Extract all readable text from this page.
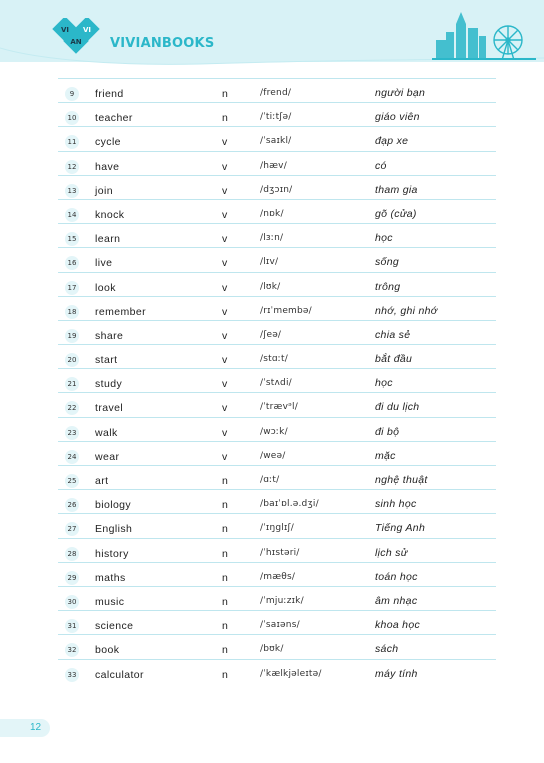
VI VI
AN VIVIANBOOKS
9	friend	n	/frend/	người bạn
10 teacher	n	/ˈtiːtʃə/	giáo viên
11 cycle	v	/ˈsaɪkl/	đạp xe
12 have	v	/hæv/	có
13 join	v	/dʒɔɪn/	tham gia
14 knock	v	/nɒk/	gõ (cửa)
15 learn	v	/lɜːn/	học
16 live	v	/lɪv/	sống
17 look	v	/lʊk/	trông
18 remember	v	/rɪˈmembə/	nhớ, ghi nhớ
19 share	v	/ʃeə/	chia sẻ
20 start	v	/stɑːt/	bắt đầu
21 study	v	/ˈstʌdi/	học
22 travel	v	/ˈtrævᵊl/	đi du lịch
23 walk	v	/wɔːk/	đi bộ
24 wear	v	/weə/	mặc
25 art	n	/ɑːt/	nghệ thuật
26 biology	n	/baɪˈɒl.ə.dʒi/	sinh học
27 English	n	/ˈɪŋglɪʃ/	Tiếng Anh
28 history	n	/ˈhɪstəri/	lịch sử
29 maths	n	/mæθs/	toán học
30 music	n	/ˈmjuːzɪk/	âm nhạc
31 science	n	/ˈsaɪəns/	khoa học
32 book	n	/bʊk/	sách
33 calculator	n	/ˈkælkjəleɪtə/	máy tính
12
